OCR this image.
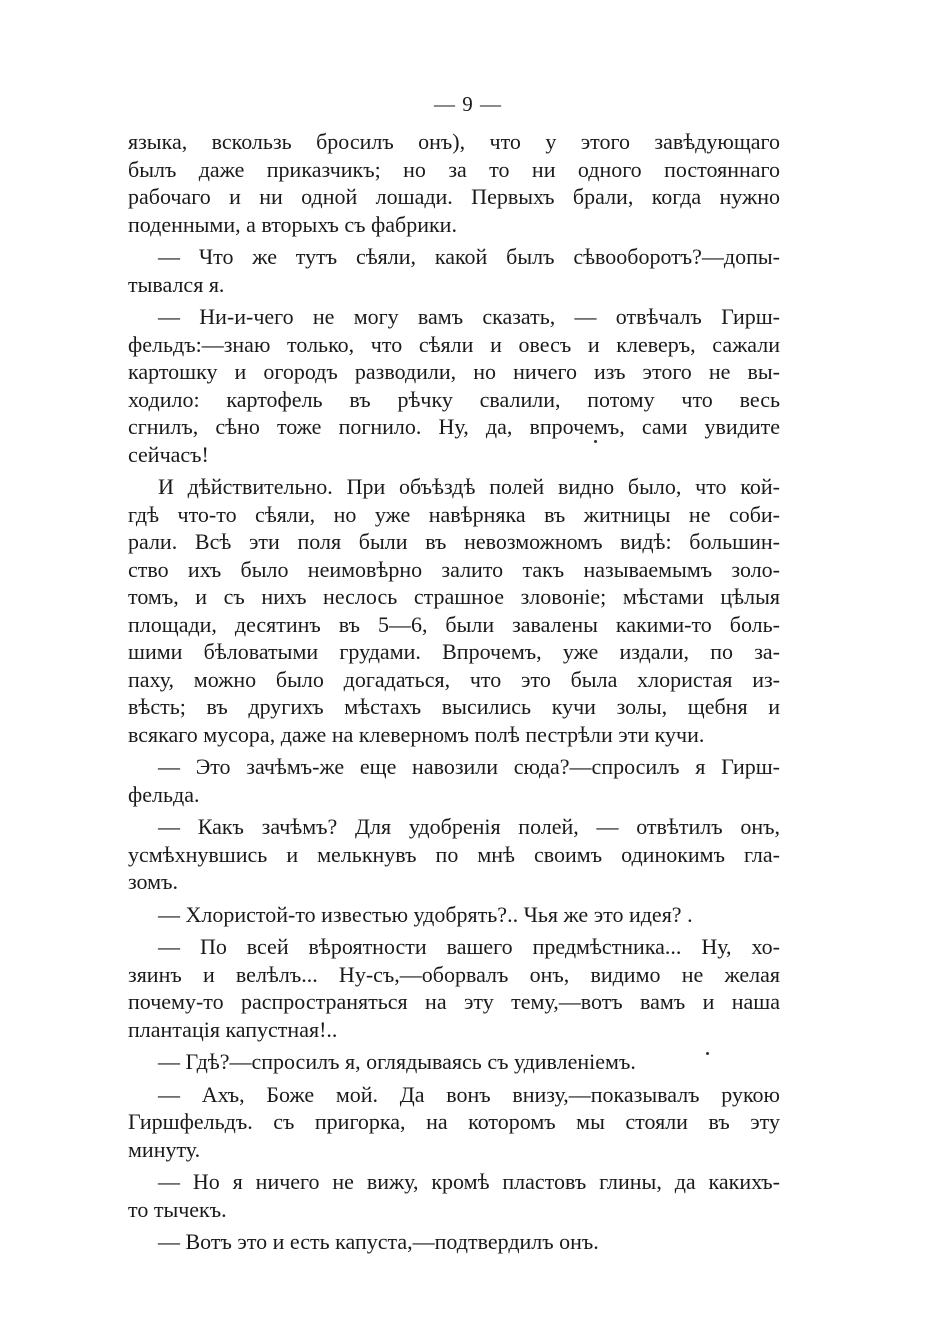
— 9 —
языка, вскользь бросилъ онъ), что у этого завѣдующаго
былъ даже приказчикъ; но за то ни одного постояннаго
рабочаго и ни одной лошади. Первыхъ брали, когда нужно
поденными, а вторыхъ съ фабрики.
— Что же тутъ сѣяли, какой былъ сѣвооборотъ?—допы-
тывался я.
— Ни-и-чего не могу вамъ сказать, — отвѣчалъ Гирш-
фельдъ:—знаю только, что сѣяли и овесъ и клеверъ, сажали
картошку и огородъ разводили, но ничего изъ этого не вы-
ходило: картофель въ рѣчку свалили, потому что весь
сгнилъ, сѣно тоже погнило. Ну, да, впрочемъ, сами увидите
сейчасъ!
И дѣйствительно. При объѣздѣ полей видно было, что кой-
гдѣ что-то сѣяли, но уже навѣрняка въ житницы не соби-
рали. Всѣ эти поля были въ невозможномъ видѣ: большин-
ство ихъ было неимовѣрно залито такъ называемымъ золо-
томъ, и съ нихъ неслось страшное зловоніе; мѣстами цѣлыя
площади, десятинъ въ 5—6, были завалены какими-то боль-
шими бѣловатыми грудами. Впрочемъ, уже издали, по за-
паху, можно было догадаться, что это была хлористая из-
вѣсть; въ другихъ мѣстахъ высились кучи золы, щебня и
всякаго мусора, даже на клеверномъ полѣ пестрѣли эти кучи.
— Это зачѣмъ-же еще навозили сюда?—спросилъ я Гирш-
фельда.
— Какъ зачѣмъ? Для удобренія полей, — отвѣтилъ онъ,
усмѣхнувшись и мелькнувъ по мнѣ своимъ одинокимъ гла-
зомъ.
— Хлористой-то известью удобрять?.. Чья же это идея? .
— По всей вѣроятности вашего предмѣстника... Ну, хо-
зяинъ и велѣлъ... Ну-съ,—оборвалъ онъ, видимо не желая
почему-то распространяться на эту тему,—вотъ вамъ и наша
плантація капустная!..
— Гдѣ?—спросилъ я, оглядываясь съ удивленіемъ.
— Ахъ, Боже мой. Да вонъ внизу,—показывалъ рукою
Гиршфельдъ. съ пригорка, на которомъ мы стояли въ эту
минуту.
— Но я ничего не вижу, кромѣ пластовъ глины, да какихъ-
то тычекъ.
— Вотъ это и есть капуста,—подтвердилъ онъ.
